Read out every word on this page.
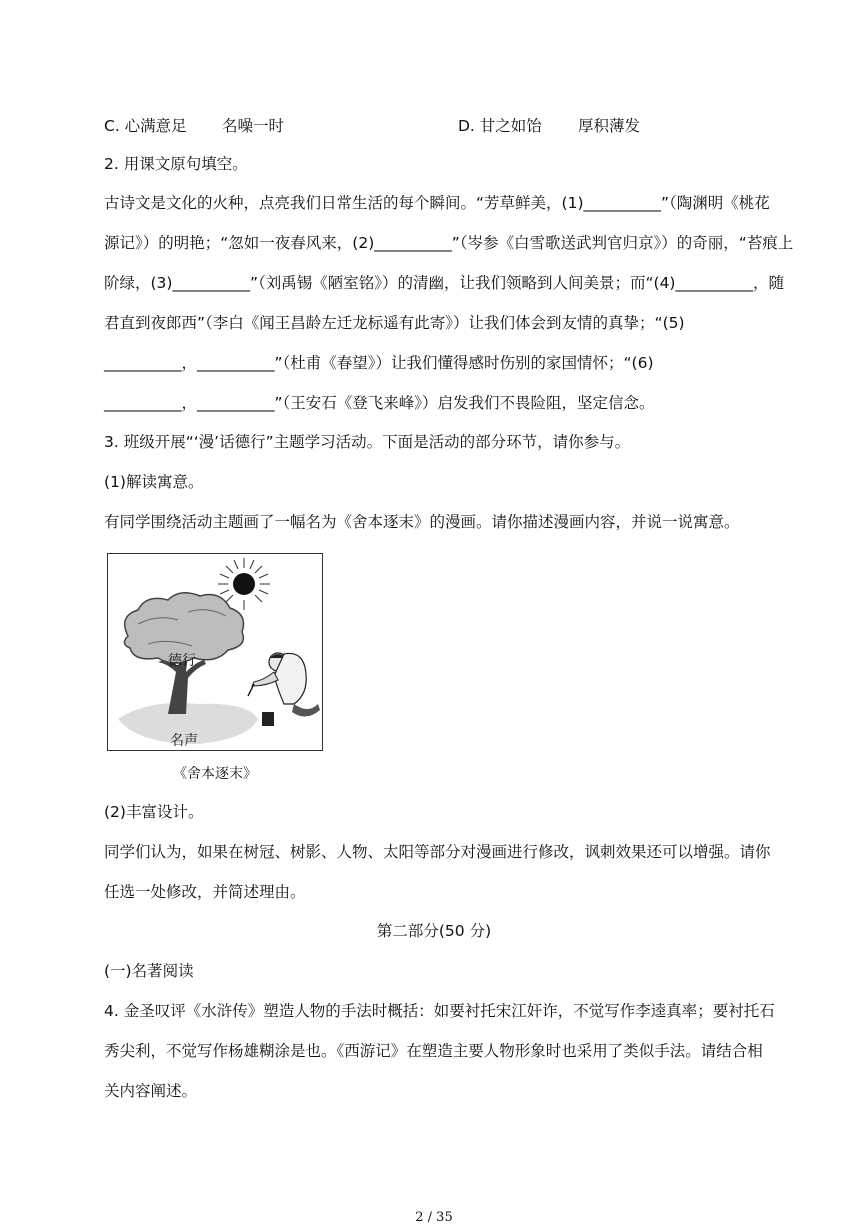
C. 心满意足 名噪一时	D. 甘之如饴 厚积薄发
2. 用课文原句填空。
古诗文是文化的火种，点亮我们日常生活的每个瞬间。“芳草鲜美，(1)__________”（陶渊明《桃花
源记》）的明艳；“忽如一夜春风来，(2)__________”（岑参《白雪歌送武判官归京》）的奇丽，“苔痕上
阶绿，(3)__________”（刘禹锡《陋室铭》）的清幽，让我们领略到人间美景；而“(4)__________，随
君直到夜郎西”（李白《闻王昌龄左迁龙标遥有此寄》）让我们体会到友情的真挚；“(5)
__________，__________”（杜甫《春望》）让我们懂得感时伤别的家国情怀；“(6)
__________，__________”（王安石《登飞来峰》）启发我们不畏险阻，坚定信念。
3. 班级开展“‘漫’话德行”主题学习活动。下面是活动的部分环节，请你参与。
(1)解读寓意。
有同学围绕活动主题画了一幅名为《舍本逐末》的漫画。请你描述漫画内容，并说一说寓意。
德行
名声
《舍本逐末》
(2)丰富设计。
同学们认为，如果在树冠、树影、人物、太阳等部分对漫画进行修改，讽刺效果还可以增强。请你
任选一处修改，并简述理由。
第二部分(50 分)
(一)名著阅读
4. 金圣叹评《水浒传》塑造人物的手法时概括：如要衬托宋江奸诈，不觉写作李逵真率；要衬托石
秀尖利，不觉写作杨雄糊涂是也。《西游记》在塑造主要人物形象时也采用了类似手法。请结合相
关内容阐述。
2 / 35
